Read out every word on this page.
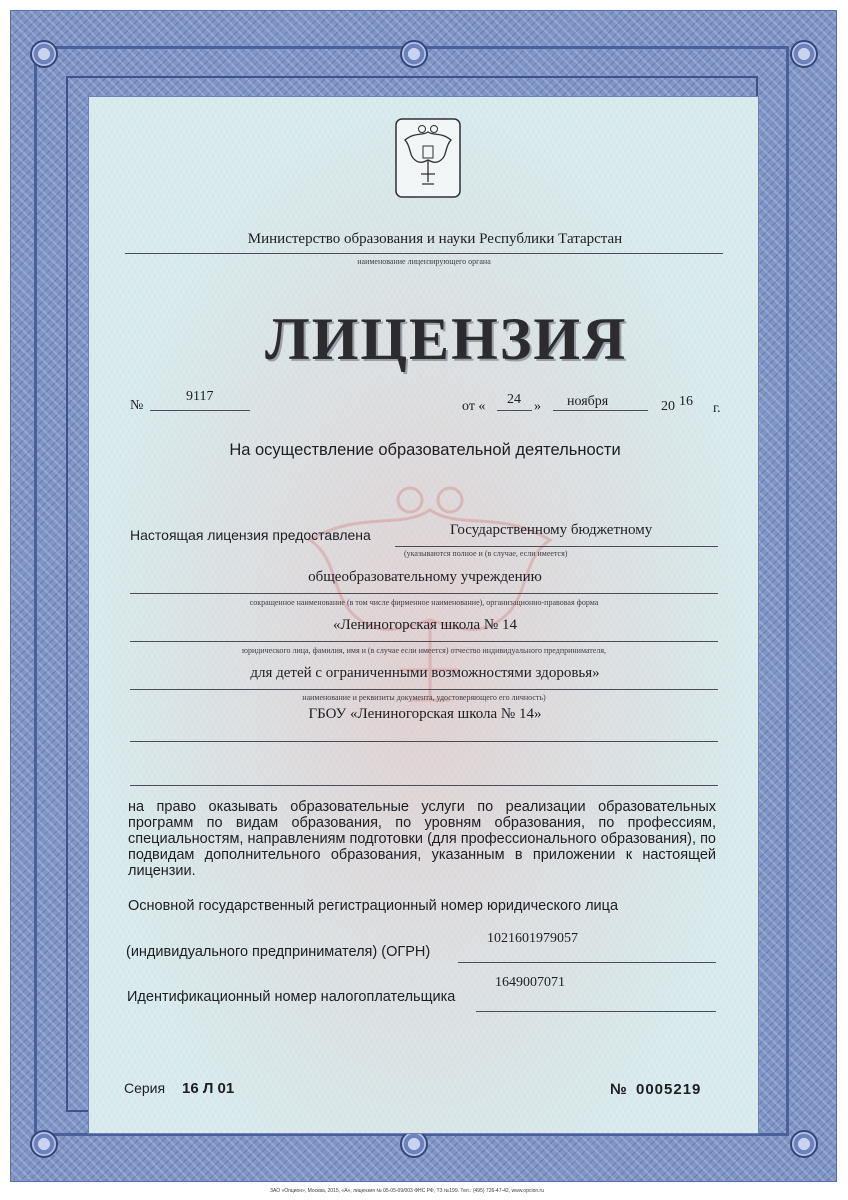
Министерство образования и науки Республики Татарстан
наименование лицензирующего органа
ЛИЦЕНЗИЯ
№
9117
от « 24 » ноября	20 16 г.
На осуществление образовательной деятельности
Настоящая лицензия предоставлена	Государственному бюджетному
(указываются полное и (в случае, если имеется)
общеобразовательному учреждению
сокращенное наименование (в том числе фирменное наименование), организационно-правовая форма
«Лениногорская школа № 14
юридического лица, фамилия, имя и (в случае если имеется) отчество индивидуального предпринимателя,
для детей с ограниченными возможностями здоровья»
наименование и реквизиты документа, удостоверяющего его личность)
ГБОУ «Лениногорская школа № 14»
на право оказывать образовательные услуги по реализации образовательных программ по видам образования, по уровням образования, по профессиям, специальностям, направлениям подготовки (для профессионального образования), по подвидам дополнительного образования, указанным в приложении к настоящей лицензии.
Основной государственный регистрационный номер юридического лица
(индивидуального предпринимателя) (ОГРН)
1021601979057
Идентификационный номер налогоплательщика
1649007071
Серия 16 Л 01	№ 0005219
ЗАО «Опцион», Москва, 2015, «А», лицензия № 05-05-09/003 ФНС РФ, ТЗ №199. Тел.: (495) 726-47-42, www.opcion.ru
